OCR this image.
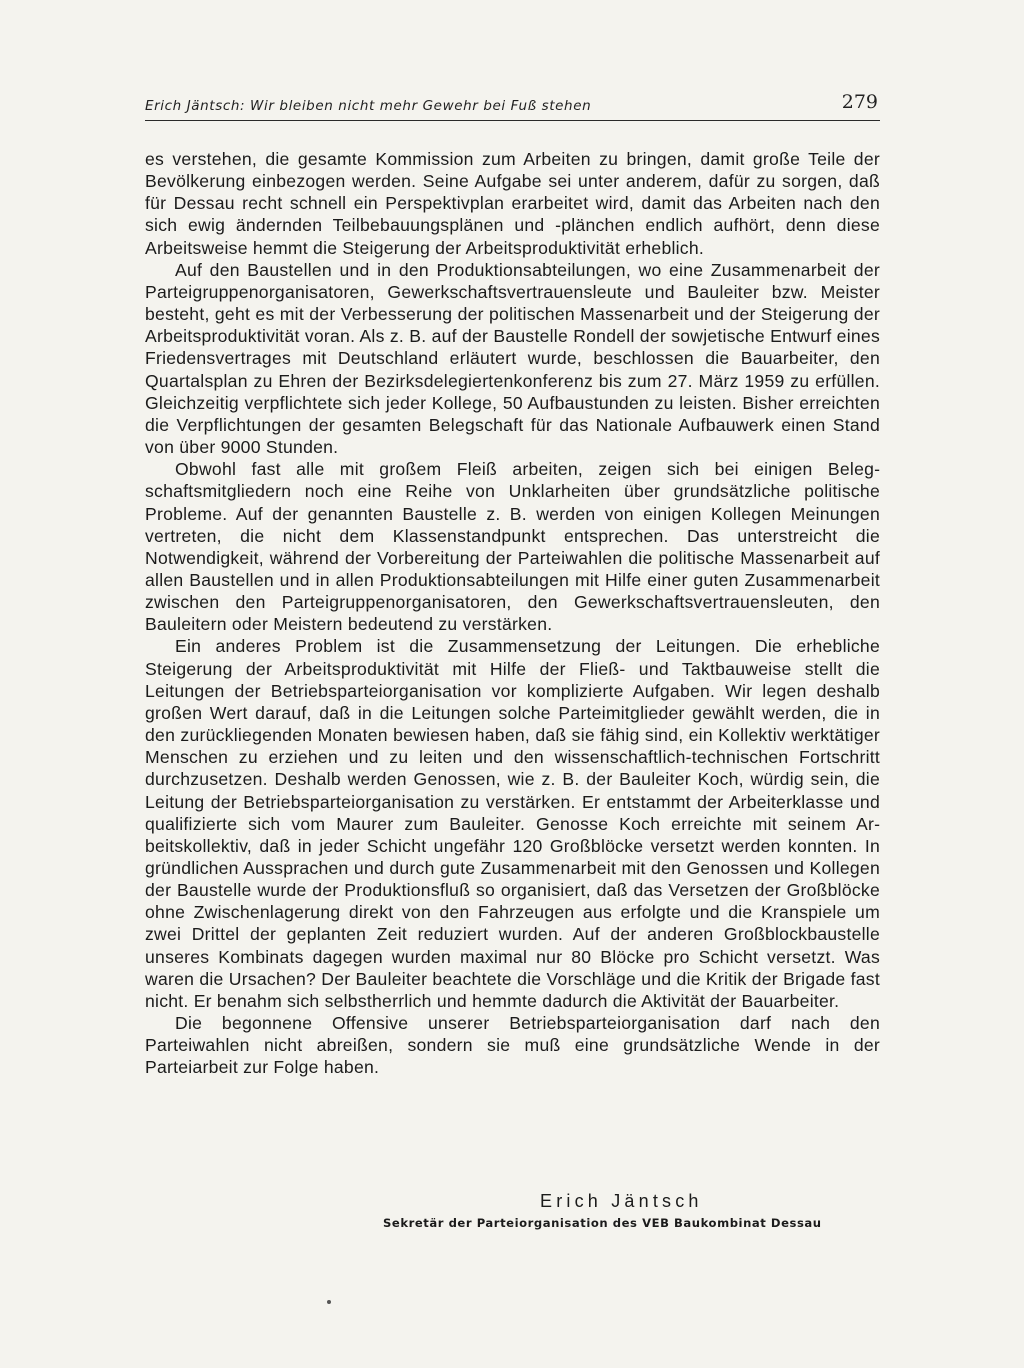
Erich Jäntsch: Wir bleiben nicht mehr Gewehr bei Fuß stehen	279

es verstehen, die gesamte Kommission zum Arbeiten zu bringen, damit große Teile der Bevölkerung einbezogen werden. Seine Aufgabe sei unter anderem, dafür zu sorgen, daß für Dessau recht schnell ein Perspektivplan erarbeitet wird, damit das Arbeiten nach den sich ewig ändernden Teilbebauungsplänen und -plänchen endlich aufhört, denn diese Arbeitsweise hemmt die Steigerung der Arbeitsproduktivität erheblich.

Auf den Baustellen und in den Produktionsabteilungen, wo eine Zusammenarbeit der Parteigruppenorganisatoren, Gewerkschaftsvertrauensleute und Bauleiter bzw. Meister besteht, geht es mit der Verbesserung der politischen Massenarbeit und der Steigerung der Arbeitsproduktivität voran. Als z. B. auf der Baustelle Rondell der sowjetische Entwurf eines Friedensvertrages mit Deutschland erläutert wurde, beschlossen die Bauarbeiter, den Quartalsplan zu Ehren der Bezirksdelegiertenkonferenz bis zum 27. März 1959 zu erfüllen. Gleichzeitig verpflichtete sich jeder Kollege, 50 Aufbaustunden zu leisten. Bisher erreichten die Verpflichtungen der gesamten Belegschaft für das Nationale Aufbauwerk einen Stand von über 9000 Stunden.

Obwohl fast alle mit großem Fleiß arbeiten, zeigen sich bei einigen Belegschaftsmitgliedern noch eine Reihe von Unklarheiten über grundsätzliche politische Probleme. Auf der genannten Baustelle z. B. werden von einigen Kollegen Meinungen vertreten, die nicht dem Klassenstandpunkt entsprechen. Das unterstreicht die Notwendigkeit, während der Vorbereitung der Parteiwahlen die politische Massenarbeit auf allen Baustellen und in allen Produktionsabteilungen mit Hilfe einer guten Zusammenarbeit zwischen den Parteigruppenorganisatoren, den Gewerkschaftsvertrauensleuten, den Bauleitern oder Meistern bedeutend zu verstärken.

Ein anderes Problem ist die Zusammensetzung der Leitungen. Die erhebliche Steigerung der Arbeitsproduktivität mit Hilfe der Fließ- und Taktbauweise stellt die Leitungen der Betriebsparteiorganisation vor komplizierte Aufgaben. Wir legen deshalb großen Wert darauf, daß in die Leitungen solche Parteimitglieder gewählt werden, die in den zurückliegenden Monaten bewiesen haben, daß sie fähig sind, ein Kollektiv werktätiger Menschen zu erziehen und zu leiten und den wissenschaftlich-technischen Fortschritt durchzusetzen. Deshalb werden Genossen, wie z. B. der Bauleiter Koch, würdig sein, die Leitung der Betriebsparteiorganisation zu verstärken. Er entstammt der Arbeiterklasse und qualifizierte sich vom Maurer zum Bauleiter. Genosse Koch erreichte mit seinem Arbeitskollektiv, daß in jeder Schicht ungefähr 120 Großblöcke versetzt werden konnten. In gründlichen Aussprachen und durch gute Zusammenarbeit mit den Genossen und Kollegen der Baustelle wurde der Produktionsfluß so organisiert, daß das Versetzen der Großblöcke ohne Zwischenlagerung direkt von den Fahrzeugen aus erfolgte und die Kranspiele um zwei Drittel der geplanten Zeit reduziert wurden. Auf der anderen Großblockbaustelle unseres Kombinats dagegen wurden maximal nur 80 Blöcke pro Schicht versetzt. Was waren die Ursachen? Der Bauleiter beachtete die Vorschläge und die Kritik der Brigade fast nicht. Er benahm sich selbstherrlich und hemmte dadurch die Aktivität der Bauarbeiter.

Die begonnene Offensive unserer Betriebsparteiorganisation darf nach den Parteiwahlen nicht abreißen, sondern sie muß eine grundsätzliche Wende in der Parteiarbeit zur Folge haben.

Erich Jäntsch
Sekretär der Parteiorganisation des VEB Baukombinat Dessau
